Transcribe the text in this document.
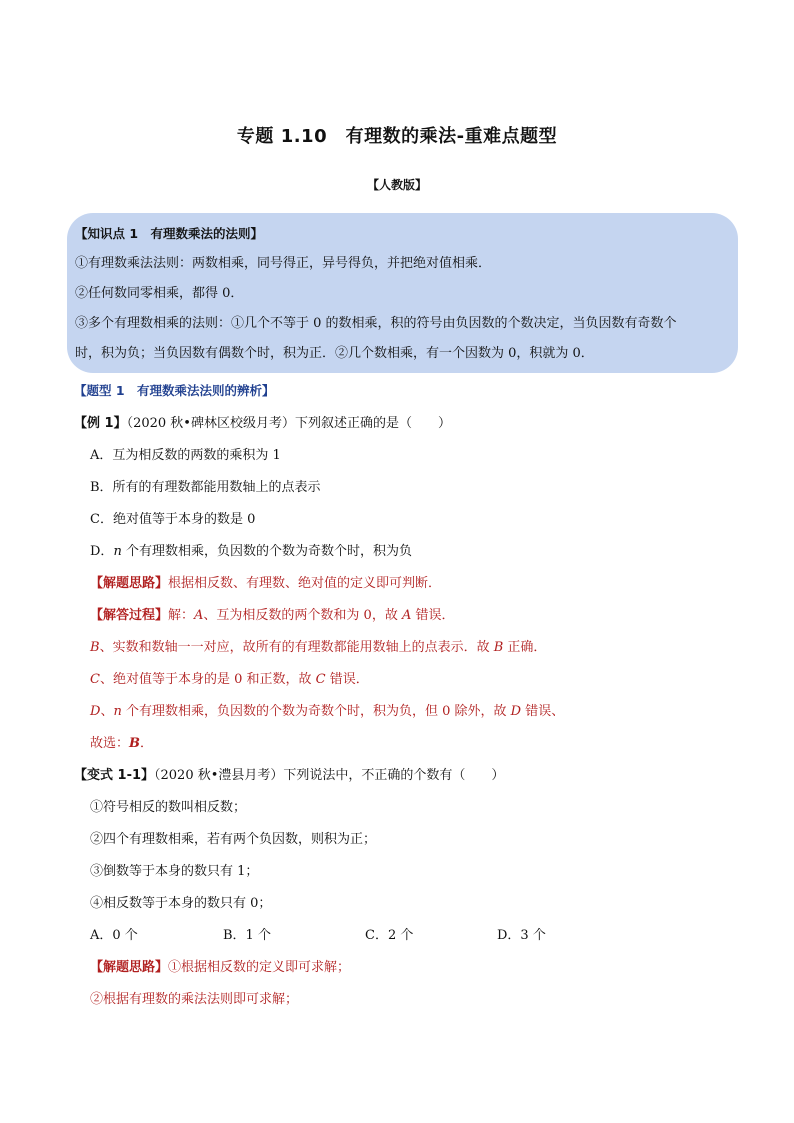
专题 1.10　有理数的乘法-重难点题型
【人教版】
【知识点 1　有理数乘法的法则】
①有理数乘法法则：两数相乘，同号得正，异号得负，并把绝对值相乘．
②任何数同零相乘，都得 0．
③多个有理数相乘的法则：①几个不等于 0 的数相乘，积的符号由负因数的个数决定，当负因数有奇数个
时，积为负；当负因数有偶数个时，积为正．②几个数相乘，有一个因数为 0，积就为 0．
【题型 1　有理数乘法法则的辨析】
【例 1】（2020 秋•碑林区校级月考）下列叙述正确的是（　　）
A．互为相反数的两数的乘积为 1
B．所有的有理数都能用数轴上的点表示
C．绝对值等于本身的数是 0
D．n 个有理数相乘，负因数的个数为奇数个时，积为负
【解题思路】根据相反数、有理数、绝对值的定义即可判断．
【解答过程】解：A、互为相反数的两个数和为 0，故 A 错误．
B、实数和数轴一一对应，故所有的有理数都能用数轴上的点表示．故 B 正确．
C、绝对值等于本身的是 0 和正数，故 C 错误．
D、n 个有理数相乘，负因数的个数为奇数个时，积为负，但 0 除外，故 D 错误、
故选：B．
【变式 1-1】（2020 秋•澧县月考）下列说法中，不正确的个数有（　　）
①符号相反的数叫相反数；
②四个有理数相乘，若有两个负因数，则积为正；
③倒数等于本身的数只有 1；
④相反数等于本身的数只有 0；
A．0 个	B．1 个	C．2 个	D．3 个
【解题思路】①根据相反数的定义即可求解；
②根据有理数的乘法法则即可求解；
